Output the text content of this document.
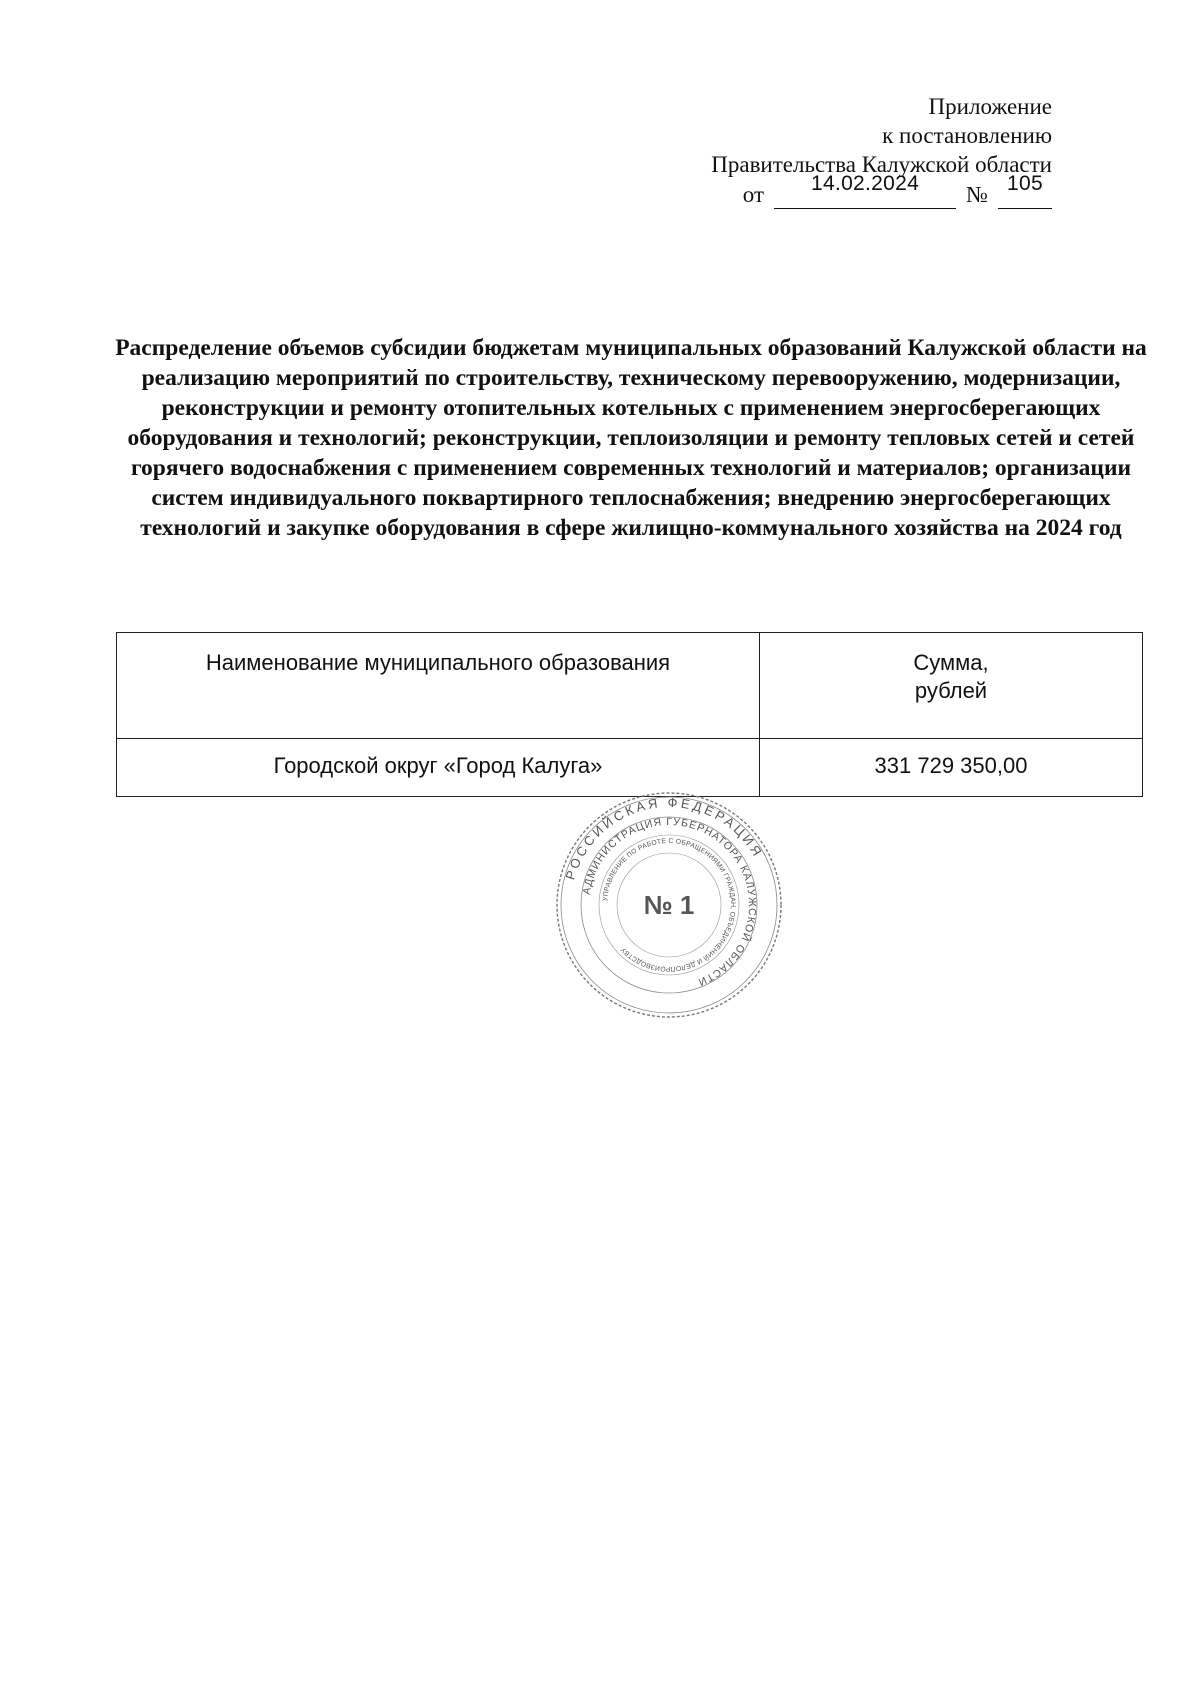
Приложение
к постановлению
Правительства Калужской области
от	14.02.2024	№ 105
Распределение объемов субсидии бюджетам муниципальных образований Калужской области на реализацию мероприятий по строительству, техническому перевооружению, модернизации, реконструкции и ремонту отопительных котельных с применением энергосберегающих оборудования и технологий; реконструкции, теплоизоляции и ремонту тепловых сетей и сетей горячего водоснабжения с применением современных технологий и материалов; организации систем индивидуального поквартирного теплоснабжения; внедрению энергосберегающих технологий и закупке оборудования в сфере жилищно-коммунального хозяйства на 2024 год
Наименование муниципального образования	Сумма,
рублей

Городской округ «Город Калуга»	331 729 350,00
РОССИЙСКАЯ ФЕДЕРАЦИЯ
АДМИНИСТРАЦИЯ ГУБЕРНАТОРА КАЛУЖСКОЙ ОБЛАСТИ
УПРАВЛЕНИЕ ПО РАБОТЕ С ОБРАЩЕНИЯМИ ГРАЖДАН, ОБЪЕДИНЕНИЙ И ДЕЛОПРОИЗВОДСТВУ
№ 1
